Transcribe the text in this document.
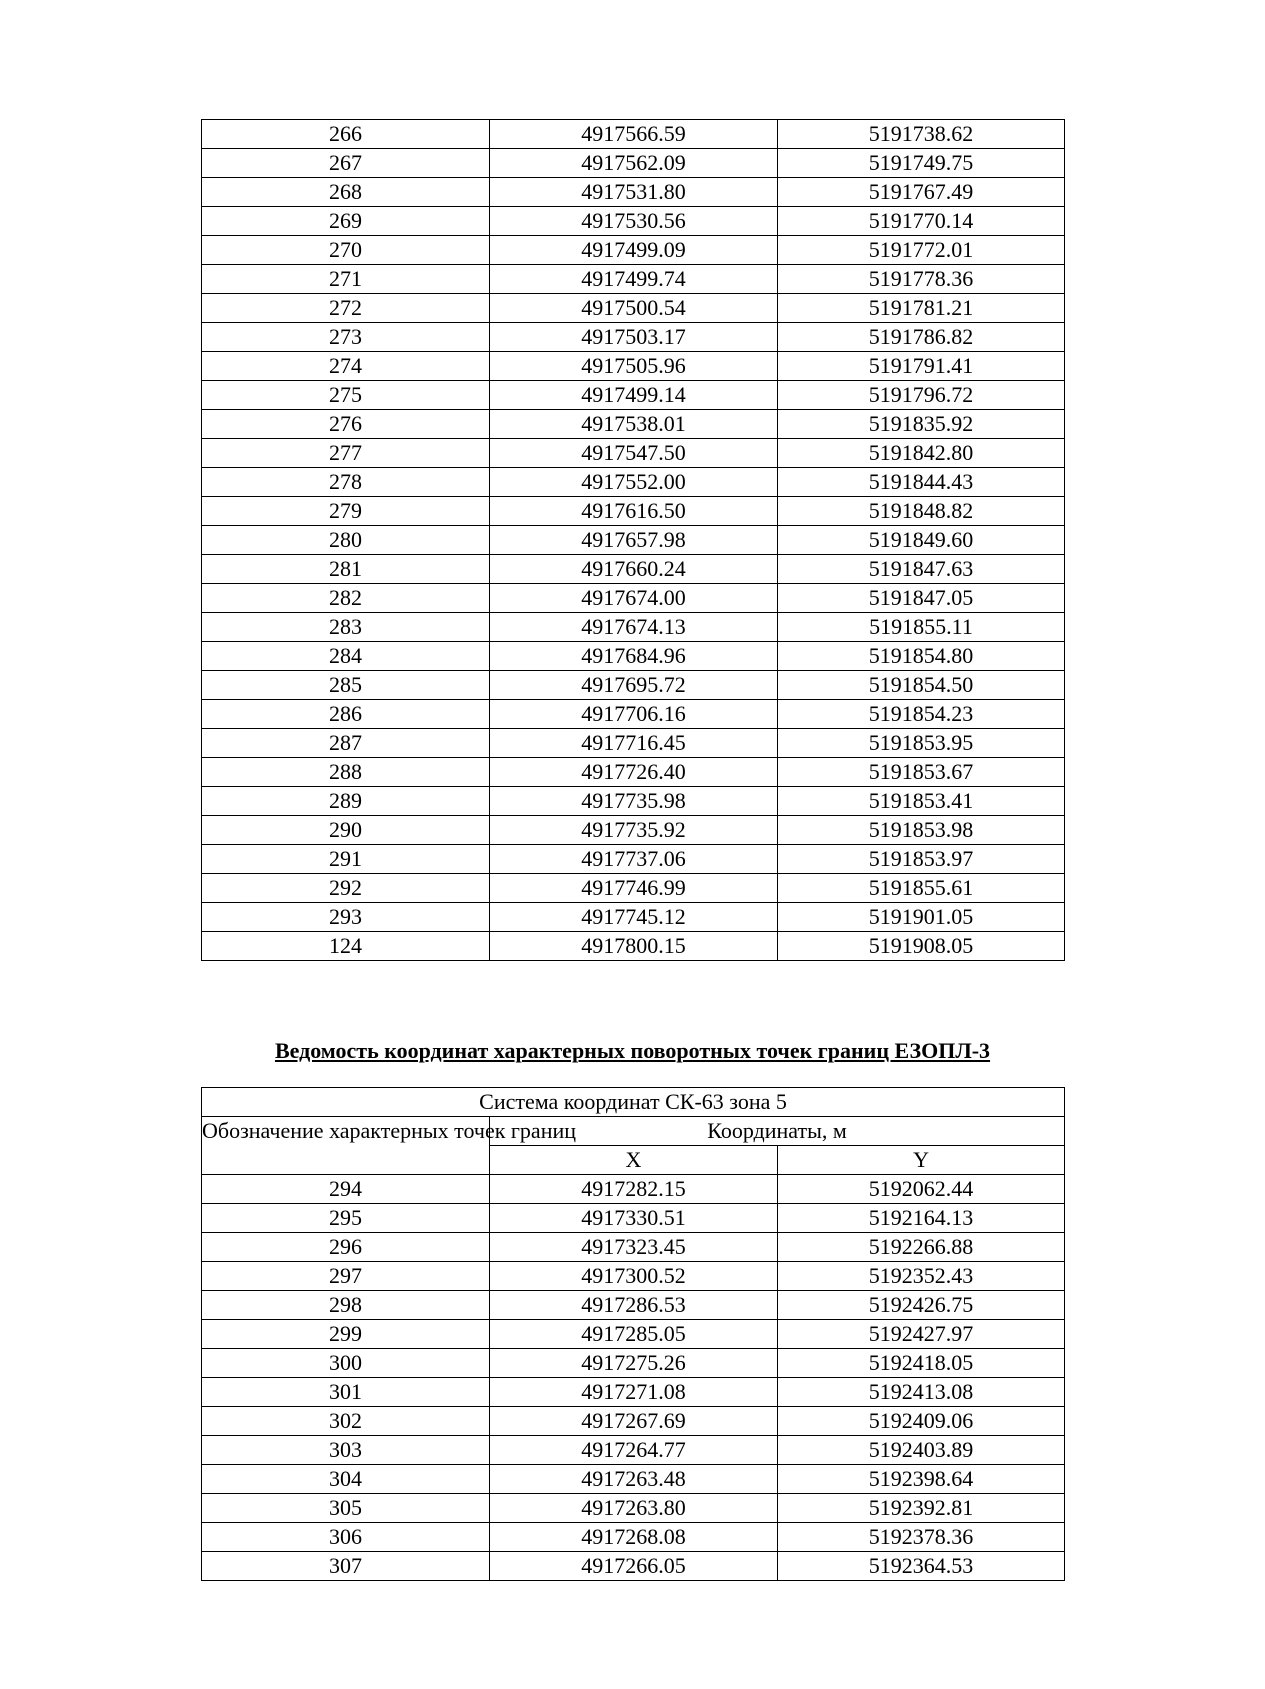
266	4917566.59	5191738.62
267	4917562.09	5191749.75
268	4917531.80	5191767.49
269	4917530.56	5191770.14
270	4917499.09	5191772.01
271	4917499.74	5191778.36
272	4917500.54	5191781.21
273	4917503.17	5191786.82
274	4917505.96	5191791.41
275	4917499.14	5191796.72
276	4917538.01	5191835.92
277	4917547.50	5191842.80
278	4917552.00	5191844.43
279	4917616.50	5191848.82
280	4917657.98	5191849.60
281	4917660.24	5191847.63
282	4917674.00	5191847.05
283	4917674.13	5191855.11
284	4917684.96	5191854.80
285	4917695.72	5191854.50
286	4917706.16	5191854.23
287	4917716.45	5191853.95
288	4917726.40	5191853.67
289	4917735.98	5191853.41
290	4917735.92	5191853.98
291	4917737.06	5191853.97
292	4917746.99	5191855.61
293	4917745.12	5191901.05
124	4917800.15	5191908.05
Ведомость координат характерных поворотных точек границ ЕЗОПЛ-3
Система координат СК-63 зона 5		
Обозначение характерных точек границ	Координаты, м	
	X	Y
294	4917282.15	5192062.44
295	4917330.51	5192164.13
296	4917323.45	5192266.88
297	4917300.52	5192352.43
298	4917286.53	5192426.75
299	4917285.05	5192427.97
300	4917275.26	5192418.05
301	4917271.08	5192413.08
302	4917267.69	5192409.06
303	4917264.77	5192403.89
304	4917263.48	5192398.64
305	4917263.80	5192392.81
306	4917268.08	5192378.36
307	4917266.05	5192364.53
